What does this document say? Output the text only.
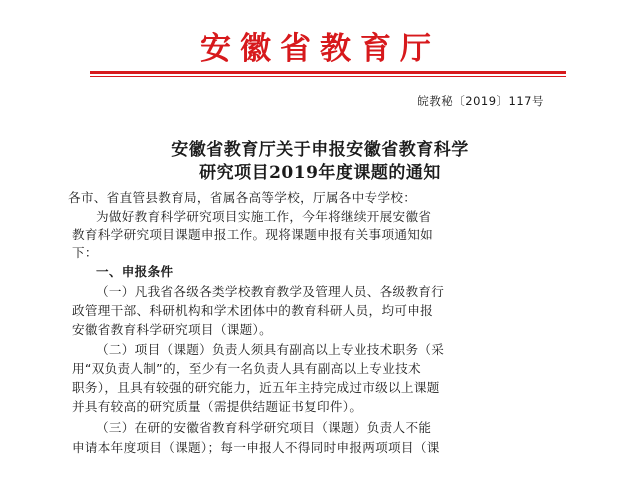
安徽省教育厅
皖教秘〔2019〕117号
安徽省教育厅关于申报安徽省教育科学
研究项目2019年度课题的通知
各市、省直管县教育局，省属各高等学校，厅属各中专学校：
为做好教育科学研究项目实施工作，今年将继续开展安徽省
教育科学研究项目课题申报工作。现将课题申报有关事项通知如
下：
一、申报条件
（一）凡我省各级各类学校教育教学及管理人员、各级教育行
政管理干部、科研机构和学术团体中的教育科研人员，均可申报
安徽省教育科学研究项目（课题）。
（二）项目（课题）负责人须具有副高以上专业技术职务（采
用“双负责人制”的，至少有一名负责人具有副高以上专业技术
职务），且具有较强的研究能力，近五年主持完成过市级以上课题
并具有较高的研究质量（需提供结题证书复印件）。
（三）在研的安徽省教育科学研究项目（课题）负责人不能
申请本年度项目（课题）；每一申报人不得同时申报两项项目（课
